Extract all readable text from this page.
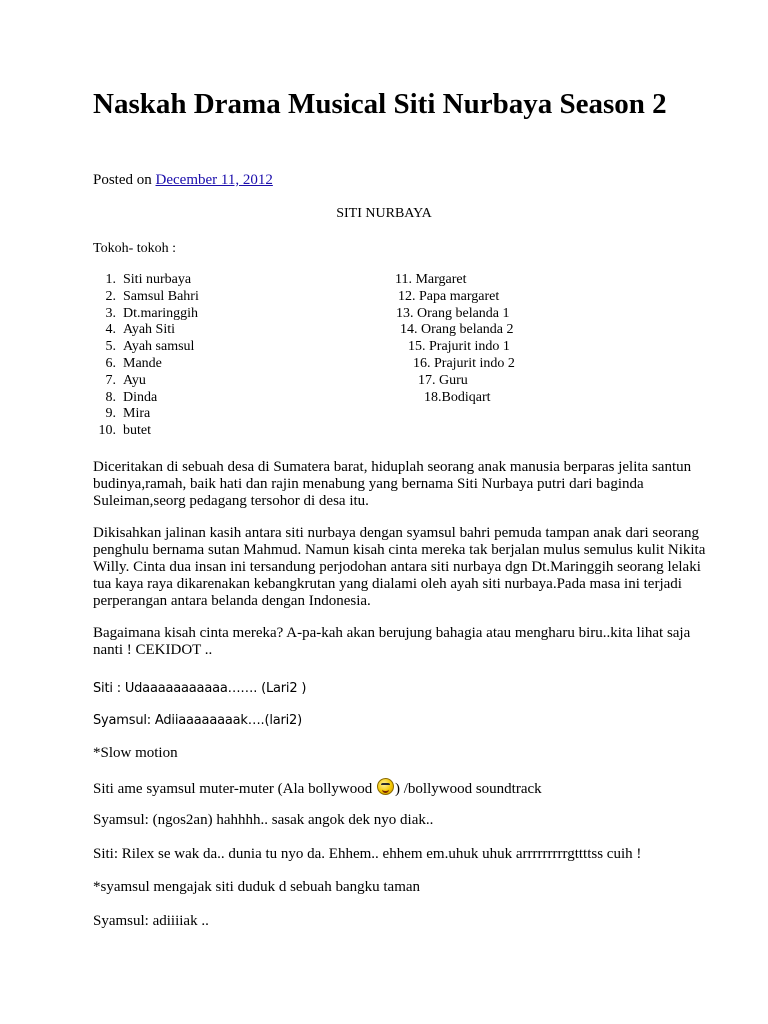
Naskah Drama Musical Siti Nurbaya Season 2
Posted on December 11, 2012
SITI NURBAYA
Tokoh- tokoh :
1. Siti nurbaya
2. Samsul Bahri
3. Dt.maringgih
4. Ayah Siti
5. Ayah samsul
6. Mande
7. Ayu
8. Dinda
9. Mira
10. butet
11. Margaret
12. Papa margaret
13. Orang belanda 1
14. Orang belanda 2
15. Prajurit indo 1
16. Prajurit indo 2
17. Guru
18.Bodiqart
Diceritakan di sebuah desa di Sumatera barat, hiduplah seorang anak manusia berparas jelita santun budinya,ramah, baik hati dan rajin menabung yang bernama Siti Nurbaya putri dari baginda Suleiman,seorg pedagang tersohor di desa itu.
Dikisahkan jalinan kasih antara siti nurbaya dengan syamsul bahri pemuda tampan anak dari seorang penghulu bernama sutan Mahmud. Namun kisah cinta mereka tak berjalan mulus semulus kulit Nikita Willy. Cinta dua insan ini tersandung perjodohan antara siti nurbaya dgn Dt.Maringgih seorang lelaki tua kaya raya dikarenakan kebangkrutan yang dialami oleh ayah siti nurbaya.Pada masa ini terjadi perperangan antara belanda dengan Indonesia.
Bagaimana kisah cinta mereka? A-pa-kah akan berujung bahagia atau mengharu biru..kita lihat saja nanti ! CEKIDOT ..
Siti : Udaaaaaaaaaaa……. (Lari2 )
Syamsul: Adiiaaaaaaaak….(lari2)
*Slow motion
Siti ame syamsul muter-muter (Ala bollywood ) /bollywood soundtrack
Syamsul: (ngos2an) hahhhh.. sasak angok dek nyo diak..
Siti: Rilex se wak da.. dunia tu nyo da. Ehhem.. ehhem em.uhuk uhuk arrrrrrrrrgttttss cuih !
*syamsul mengajak siti duduk d sebuah bangku taman
Syamsul: adiiiiak ..
